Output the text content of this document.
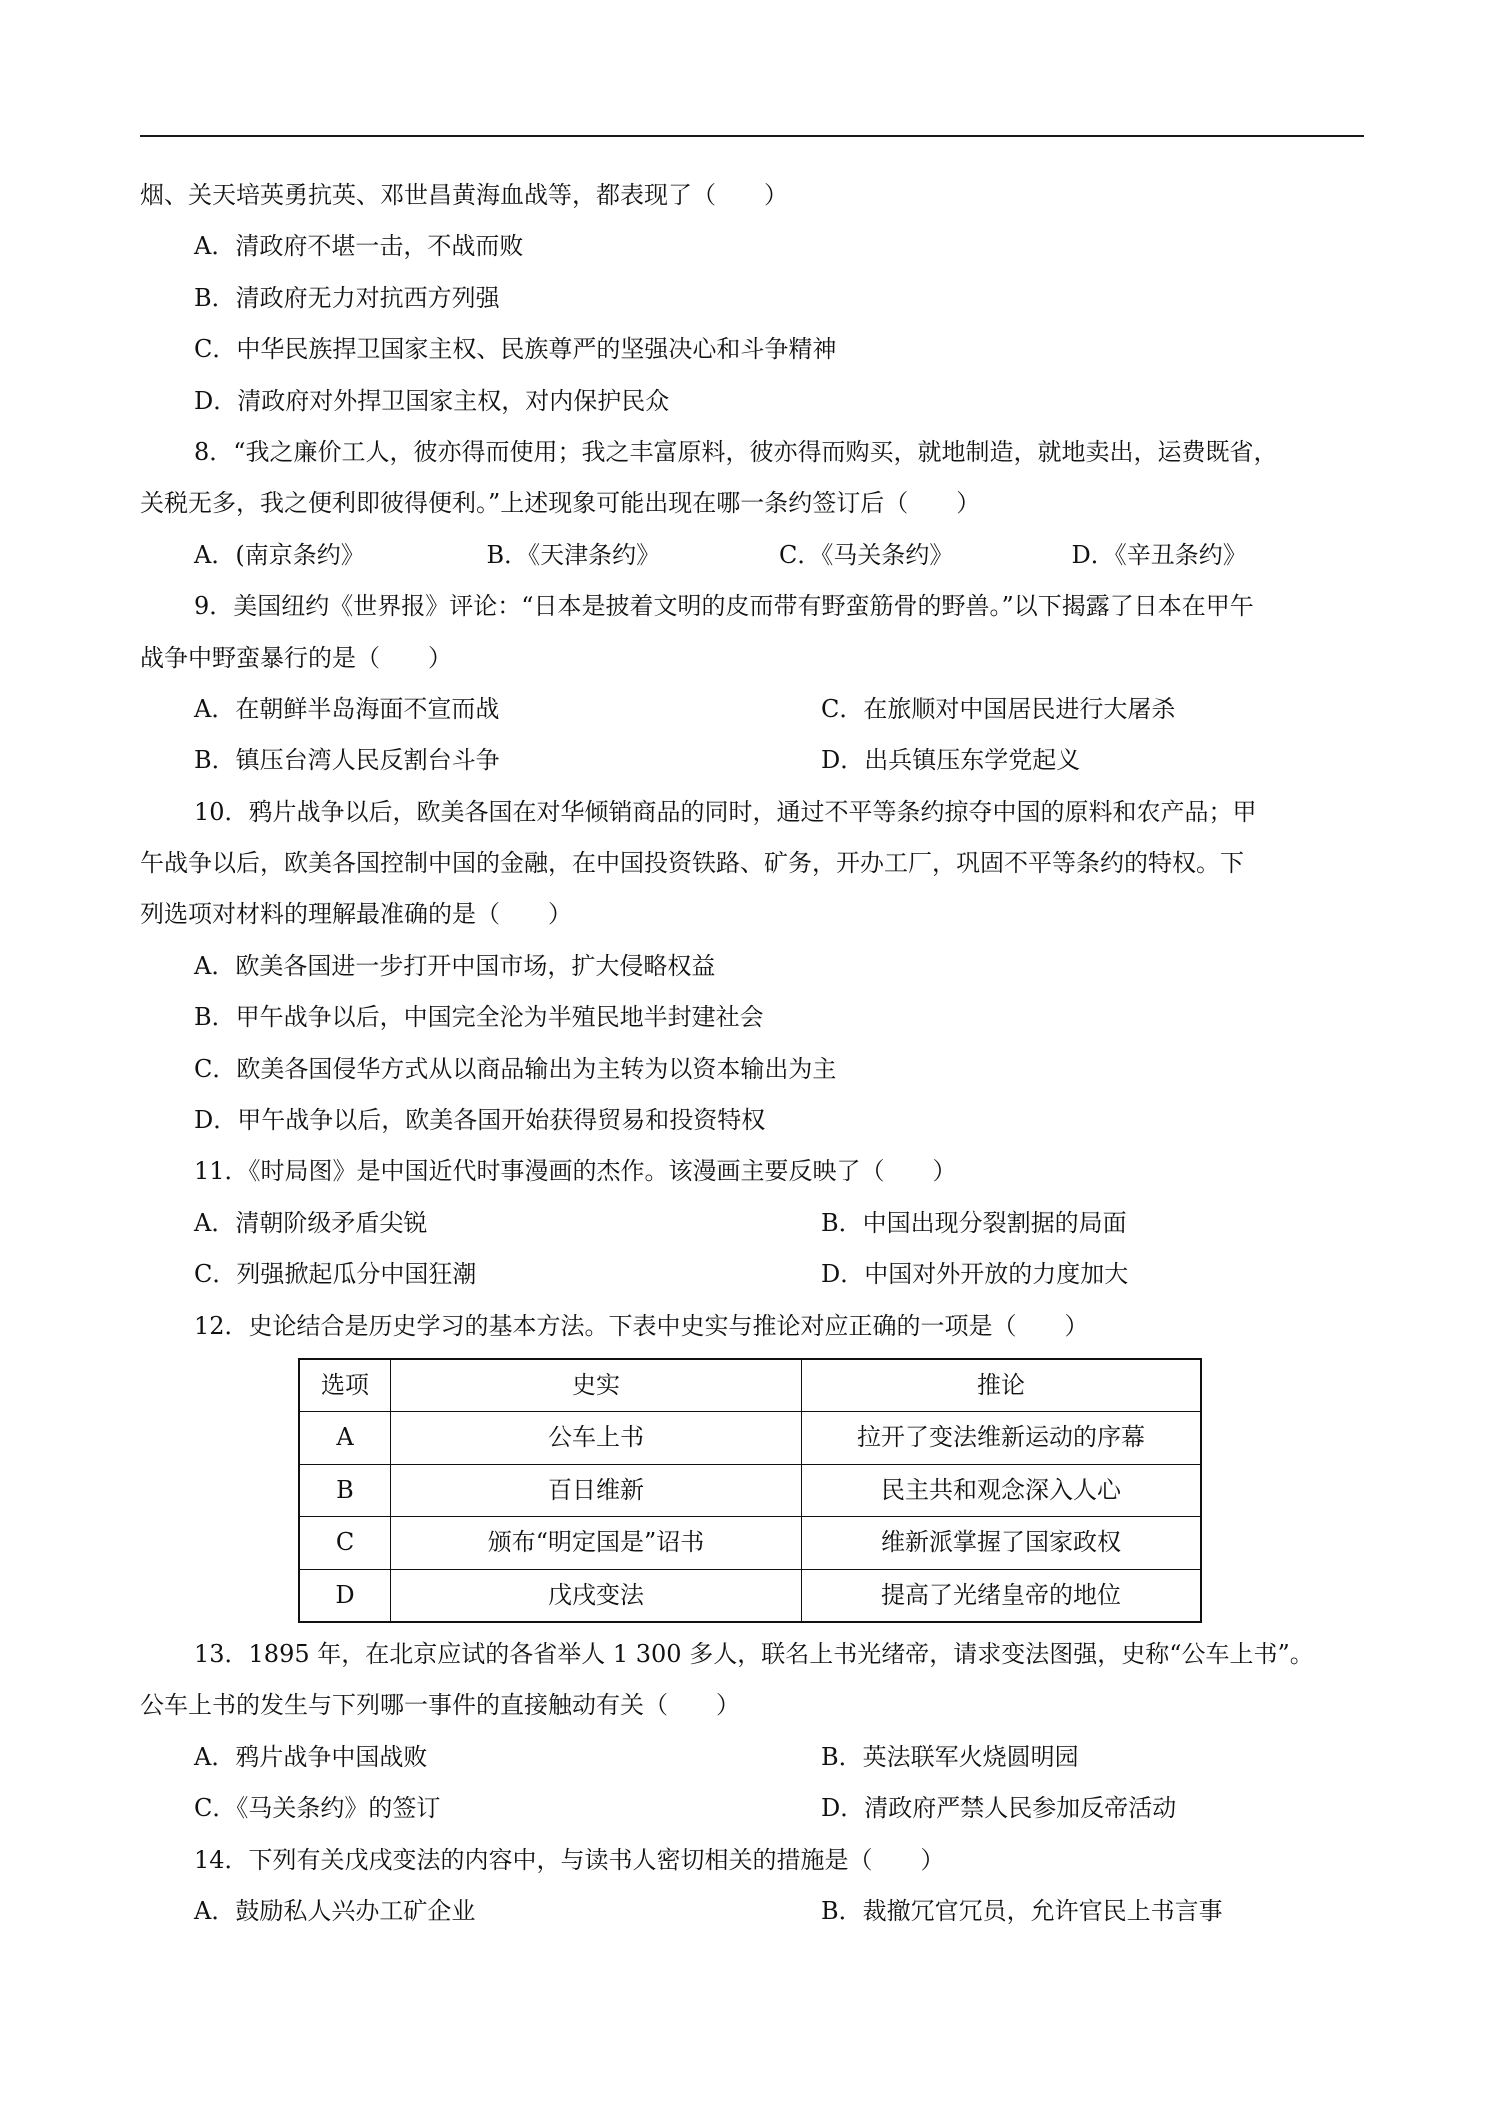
烟、关天培英勇抗英、邓世昌黄海血战等，都表现了（　　）
A．清政府不堪一击，不战而败
B．清政府无力对抗西方列强
C．中华民族捍卫国家主权、民族尊严的坚强决心和斗争精神
D．清政府对外捍卫国家主权，对内保护民众
8．“我之廉价工人，彼亦得而使用；我之丰富原料，彼亦得而购买，就地制造，就地卖出，运费既省，
关税无多，我之便利即彼得便利。”上述现象可能出现在哪一条约签订后（　　）
A．(南京条约》	B．《天津条约》	C．《马关条约》	D．《辛丑条约》
9．美国纽约《世界报》评论：“日本是披着文明的皮而带有野蛮筋骨的野兽。”以下揭露了日本在甲午
战争中野蛮暴行的是（　　）
A．在朝鲜半岛海面不宣而战	C．在旅顺对中国居民进行大屠杀
B．镇压台湾人民反割台斗争	D．出兵镇压东学党起义
10．鸦片战争以后，欧美各国在对华倾销商品的同时，通过不平等条约掠夺中国的原料和农产品；甲
午战争以后，欧美各国控制中国的金融，在中国投资铁路、矿务，开办工厂，巩固不平等条约的特权。下
列选项对材料的理解最准确的是（　　）
A．欧美各国进一步打开中国市场，扩大侵略权益
B．甲午战争以后，中国完全沦为半殖民地半封建社会
C．欧美各国侵华方式从以商品输出为主转为以资本输出为主
D．甲午战争以后，欧美各国开始获得贸易和投资特权
11．《时局图》是中国近代时事漫画的杰作。该漫画主要反映了（　　）
A．清朝阶级矛盾尖锐	B．中国出现分裂割据的局面
C．列强掀起瓜分中国狂潮	D．中国对外开放的力度加大
12．史论结合是历史学习的基本方法。下表中史实与推论对应正确的一项是（　　）
选项	史实	推论
A	公车上书	拉开了变法维新运动的序幕
B	百日维新	民主共和观念深入人心
C	颁布“明定国是”诏书	维新派掌握了国家政权
D	戊戌变法	提高了光绪皇帝的地位
13．1895 年，在北京应试的各省举人 1 300 多人，联名上书光绪帝，请求变法图强，史称“公车上书”。
公车上书的发生与下列哪一事件的直接触动有关（　　）
A．鸦片战争中国战败	B．英法联军火烧圆明园
C．《马关条约》的签订	D．清政府严禁人民参加反帝活动
14．下列有关戊戌变法的内容中，与读书人密切相关的措施是（　　）
A．鼓励私人兴办工矿企业	B．裁撤冗官冗员，允许官民上书言事
